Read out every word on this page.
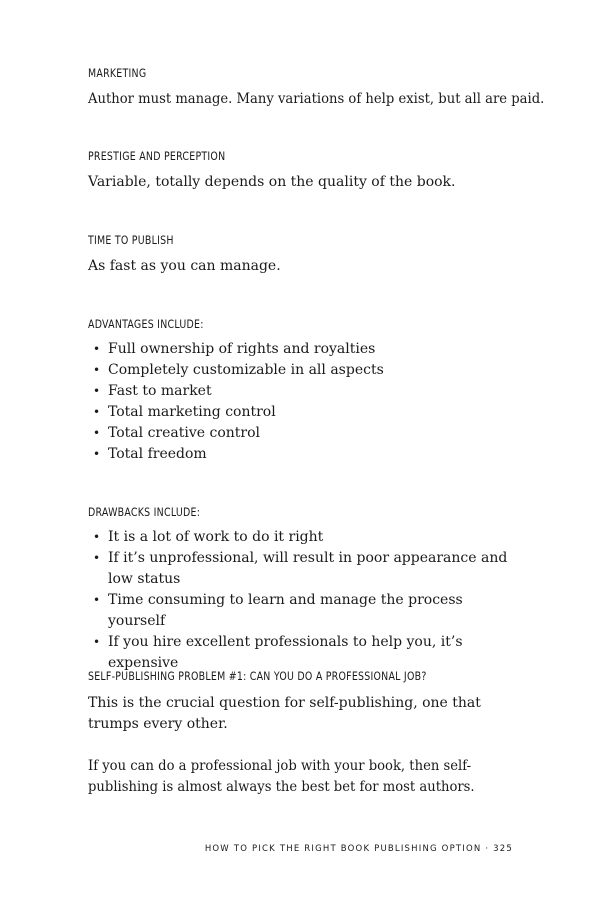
MARKETING
Author must manage. Many variations of help exist, but all are paid.
PRESTIGE AND PERCEPTION
Variable, totally depends on the quality of the book.
TIME TO PUBLISH
As fast as you can manage.
ADVANTAGES INCLUDE:
• Full ownership of rights and royalties
• Completely customizable in all aspects
• Fast to market
• Total marketing control
• Total creative control
• Total freedom
DRAWBACKS INCLUDE:
• It is a lot of work to do it right
• If it’s unprofessional, will result in poor appearance and low status
• Time consuming to learn and manage the process yourself
• If you hire excellent professionals to help you, it’s expensive
SELF-PUBLISHING PROBLEM #1: CAN YOU DO A PROFESSIONAL JOB?
This is the crucial question for self-publishing, one that trumps every other.
If you can do a professional job with your book, then self-publishing is almost always the best bet for most authors.
HOW TO PICK THE RIGHT BOOK PUBLISHING OPTION · 325
